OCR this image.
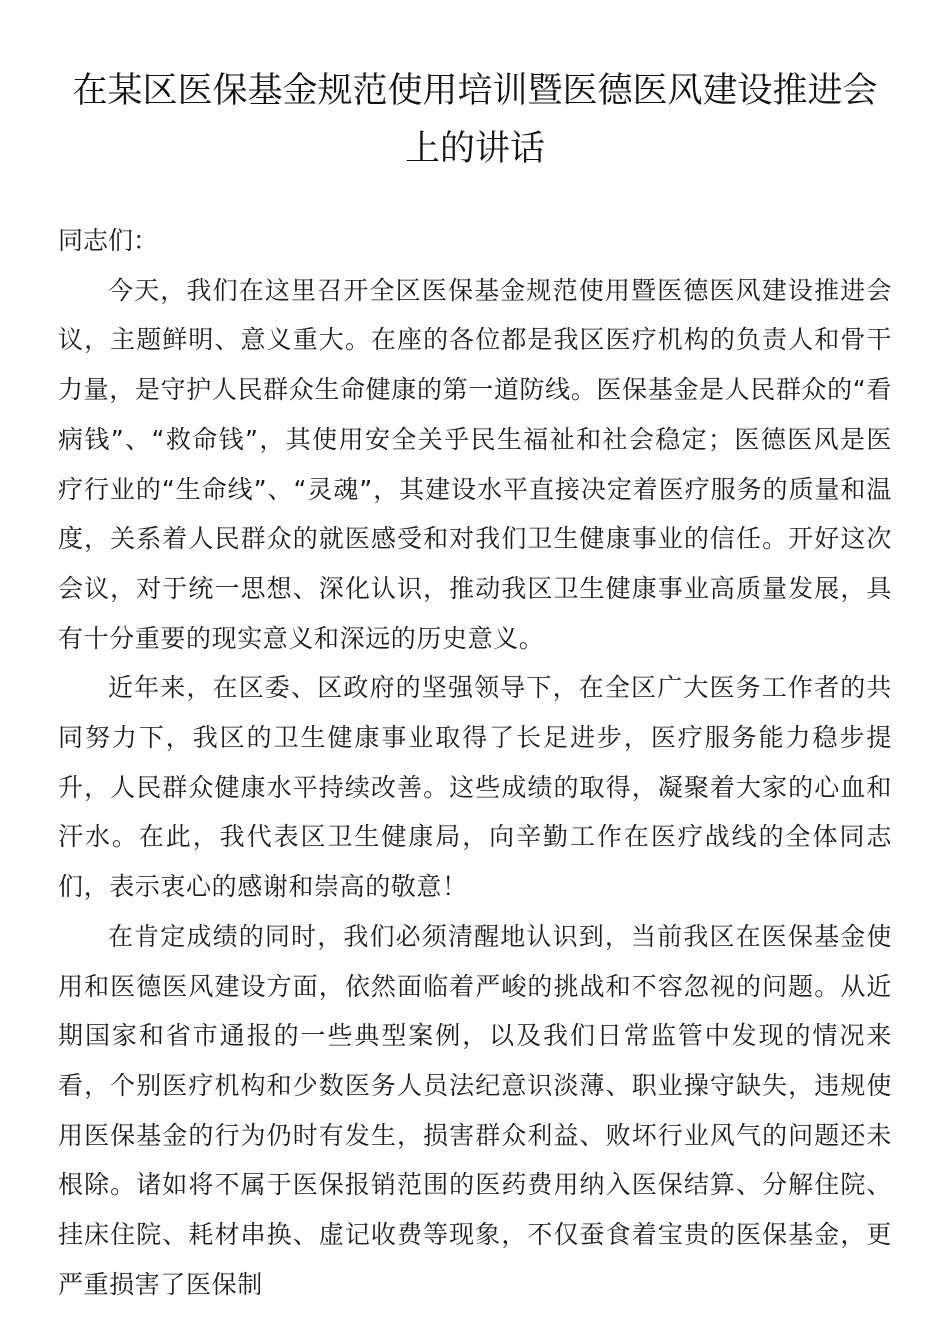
在某区医保基金规范使用培训暨医德医风建设推进会上的讲话

同志们：

今天，我们在这里召开全区医保基金规范使用暨医德医风建设推进会议，主题鲜明、意义重大。在座的各位都是我区医疗机构的负责人和骨干力量，是守护人民群众生命健康的第一道防线。医保基金是人民群众的“看病钱”、“救命钱”，其使用安全关乎民生福祉和社会稳定；医德医风是医疗行业的“生命线”、“灵魂”，其建设水平直接决定着医疗服务的质量和温度，关系着人民群众的就医感受和对我们卫生健康事业的信任。开好这次会议，对于统一思想、深化认识，推动我区卫生健康事业高质量发展，具有十分重要的现实意义和深远的历史意义。

近年来，在区委、区政府的坚强领导下，在全区广大医务工作者的共同努力下，我区的卫生健康事业取得了长足进步，医疗服务能力稳步提升，人民群众健康水平持续改善。这些成绩的取得，凝聚着大家的心血和汗水。在此，我代表区卫生健康局，向辛勤工作在医疗战线的全体同志们，表示衷心的感谢和崇高的敬意！

在肯定成绩的同时，我们必须清醒地认识到，当前我区在医保基金使用和医德医风建设方面，依然面临着严峻的挑战和不容忽视的问题。从近期国家和省市通报的一些典型案例，以及我们日常监管中发现的情况来看，个别医疗机构和少数医务人员法纪意识淡薄、职业操守缺失，违规使用医保基金的行为仍时有发生，损害群众利益、败坏行业风气的问题还未根除。诸如将不属于医保报销范围的医药费用纳入医保结算、分解住院、挂床住院、耗材串换、虚记收费等现象，不仅蚕食着宝贵的医保基金，更严重损害了医保制
